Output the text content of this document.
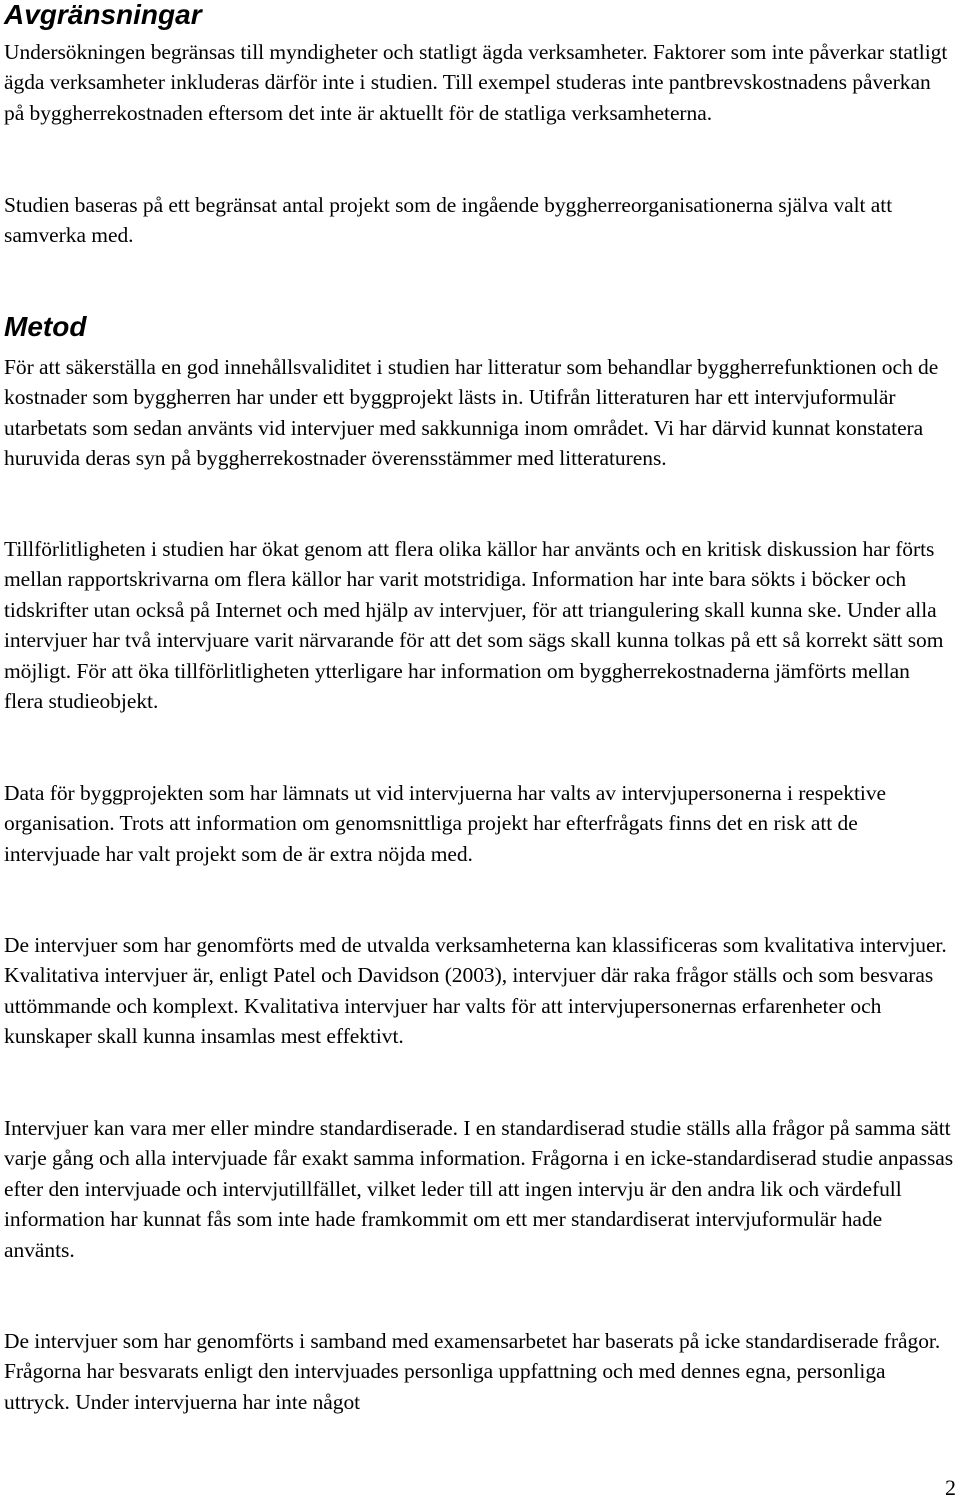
Avgränsningar

Undersökningen begränsas till myndigheter och statligt ägda verksamheter. Faktorer som inte påverkar statligt ägda verksamheter inkluderas därför inte i studien. Till exempel studeras inte pantbrevskostnadens påverkan på byggherrekostnaden eftersom det inte är aktuellt för de statliga verksamheterna.

Studien baseras på ett begränsat antal projekt som de ingående byggherreorganisationerna själva valt att samverka med.

Metod

För att säkerställa en god innehållsvaliditet i studien har litteratur som behandlar byggherrefunktionen och de kostnader som byggherren har under ett byggprojekt lästs in. Utifrån litteraturen har ett intervjuformulär utarbetats som sedan använts vid intervjuer med sakkunniga inom området. Vi har därvid kunnat konstatera huruvida deras syn på byggherrekostnader överensstämmer med litteraturens.

Tillförlitligheten i studien har ökat genom att flera olika källor har använts och en kritisk diskussion har förts mellan rapportskrivarna om flera källor har varit motstridiga. Information har inte bara sökts i böcker och tidskrifter utan också på Internet och med hjälp av intervjuer, för att triangulering skall kunna ske. Under alla intervjuer har två intervjuare varit närvarande för att det som sägs skall kunna tolkas på ett så korrekt sätt som möjligt. För att öka tillförlitligheten ytterligare har information om byggherrekostnaderna jämförts mellan flera studieobjekt.

Data för byggprojekten som har lämnats ut vid intervjuerna har valts av intervjupersonerna i respektive organisation. Trots att information om genomsnittliga projekt har efterfrågats finns det en risk att de intervjuade har valt projekt som de är extra nöjda med.

De intervjuer som har genomförts med de utvalda verksamheterna kan klassificeras som kvalitativa intervjuer. Kvalitativa intervjuer är, enligt Patel och Davidson (2003), intervjuer där raka frågor ställs och som besvaras uttömmande och komplext. Kvalitativa intervjuer har valts för att intervjupersonernas erfarenheter och kunskaper skall kunna insamlas mest effektivt.

Intervjuer kan vara mer eller mindre standardiserade. I en standardiserad studie ställs alla frågor på samma sätt varje gång och alla intervjuade får exakt samma information. Frågorna i en icke-standardiserad studie anpassas efter den intervjuade och intervjutillfället, vilket leder till att ingen intervju är den andra lik och värdefull information har kunnat fås som inte hade framkommit om ett mer standardiserat intervjuformulär hade använts.

De intervjuer som har genomförts i samband med examensarbetet har baserats på icke standardiserade frågor. Frågorna har besvarats enligt den intervjuades personliga uppfattning och med dennes egna, personliga uttryck. Under intervjuerna har inte något

2
